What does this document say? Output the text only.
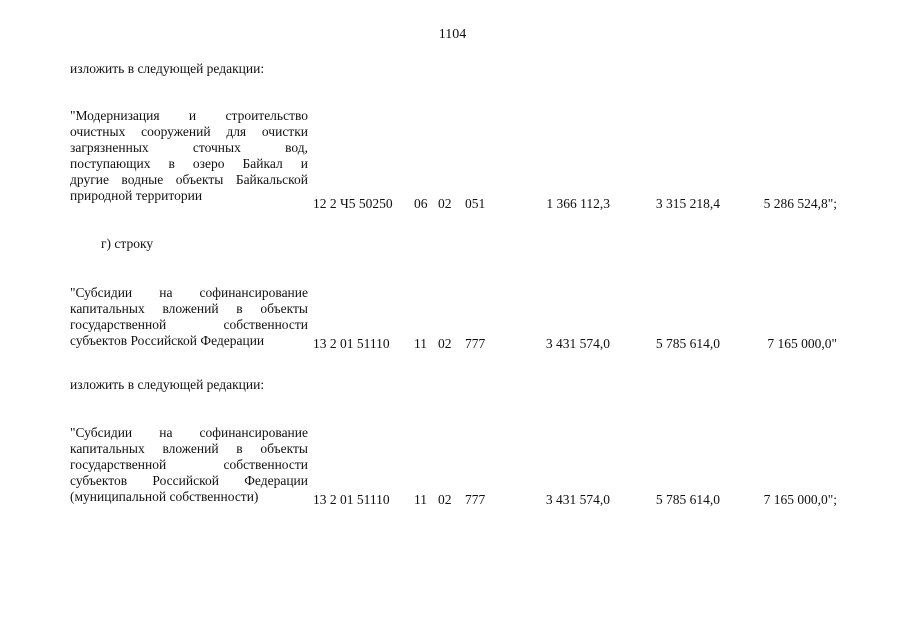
1104
изложить в следующей редакции:
"Модернизация и строительство
очистных сооружений для очистки
загрязненных сточных вод,
поступающих в озеро Байкал и
другие водные объекты Байкальской
природной территории
12 2 Ч5 50250 06 02 051	1 366 112,3	3 315 218,4	5 286 524,8";
г) строку
"Субсидии на софинансирование
капитальных вложений в объекты
государственной собственности
субъектов Российской Федерации	13 2 01 51110 11 02 777	3 431 574,0	5 785 614,0	7 165 000,0"
изложить в следующей редакции:
"Субсидии на софинансирование
капитальных вложений в объекты
государственной собственности
субъектов Российской Федерации
(муниципальной собственности)	13 2 01 51110 11 02 777	3 431 574,0	5 785 614,0	7 165 000,0";
